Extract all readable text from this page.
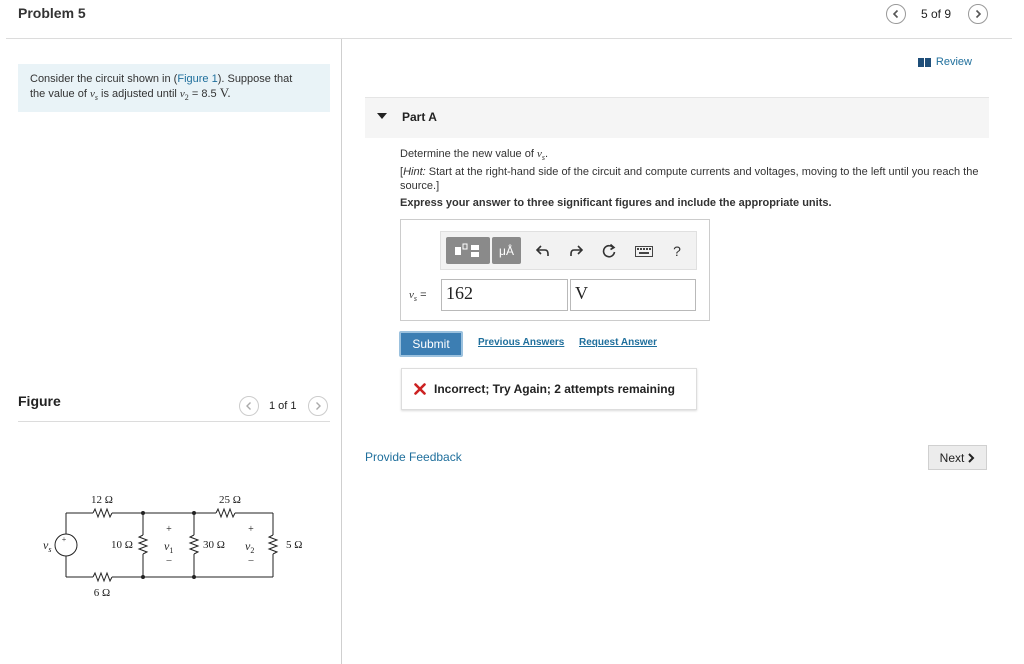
Problem 5	5 of 9
Consider the circuit shown in (Figure 1). Suppose that
the value of $v_s$ is adjusted until $v_2 = 8.5$ V.
Figure	1 of 1
12 Ω	25 Ω
10 Ω	30 Ω	5 Ω
6 Ω
+
$v_s$
+
$v_1$
–
+
$v_2$
–
Review
Part A
Determine the new value of $v_s$.
[Hint: Start at the right-hand side of the circuit and compute currents and voltages, moving to the left until you reach the source.]
Express your answer to three significant figures and include the appropriate units.
μÅ	?
$v_s = 162$	V
Submit	Previous Answers Request Answer
Incorrect; Try Again; 2 attempts remaining
Provide Feedback	Next
